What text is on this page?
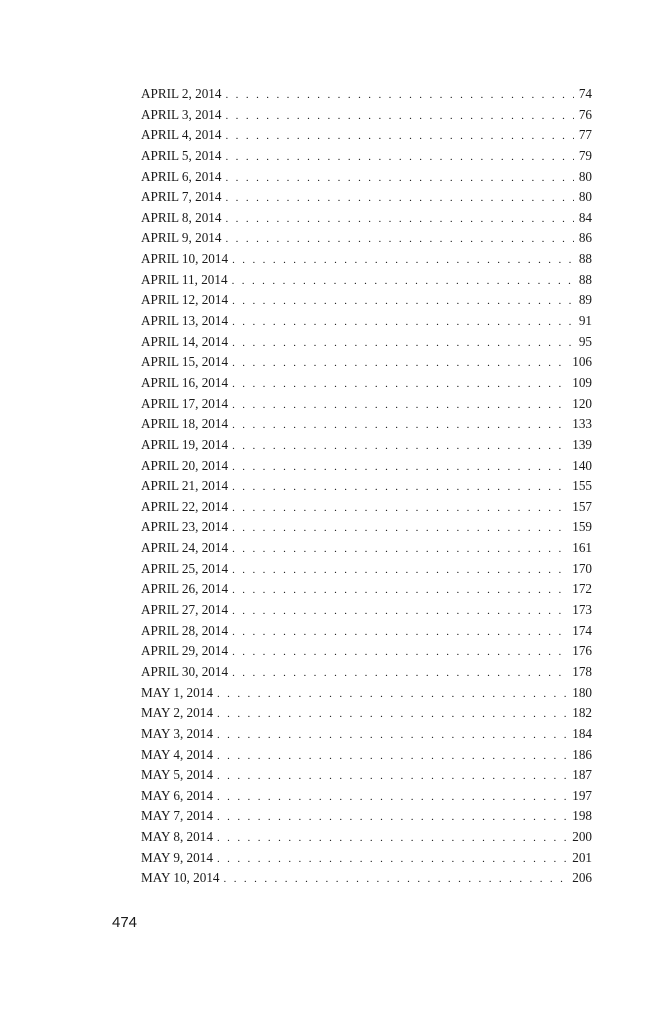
APRIL 2, 2014 . . .	74
APRIL 3, 2014 . . .	76
APRIL 4, 2014 . . .	77
APRIL 5, 2014 . . .	79
APRIL 6, 2014 . . .	80
APRIL 7, 2014 . . .	80
APRIL 8, 2014 . . .	84
APRIL 9, 2014 . . .	86
APRIL 10, 2014 . . .	88
APRIL 11, 2014 . . .	88
APRIL 12, 2014 . . .	89
APRIL 13, 2014 . . .	91
APRIL 14, 2014 . . .	95
APRIL 15, 2014 . . .	106
APRIL 16, 2014 . . .	109
APRIL 17, 2014 . . .	120
APRIL 18, 2014 . . .	133
APRIL 19, 2014 . . .	139
APRIL 20, 2014 . . .	140
APRIL 21, 2014 . . .	155
APRIL 22, 2014 . . .	157
APRIL 23, 2014 . . .	159
APRIL 24, 2014 . . .	161
APRIL 25, 2014 . . .	170
APRIL 26, 2014 . . .	172
APRIL 27, 2014 . . .	173
APRIL 28, 2014 . . .	174
APRIL 29, 2014 . . .	176
APRIL 30, 2014 . . .	178
MAY 1, 2014 . . .	180
MAY 2, 2014 . . .	182
MAY 3, 2014 . . .	184
MAY 4, 2014 . . .	186
MAY 5, 2014 . . .	187
MAY 6, 2014 . . .	197
MAY 7, 2014 . . .	198
MAY 8, 2014 . . .	200
MAY 9, 2014 . . .	201
MAY 10, 2014 . . .	206
474
